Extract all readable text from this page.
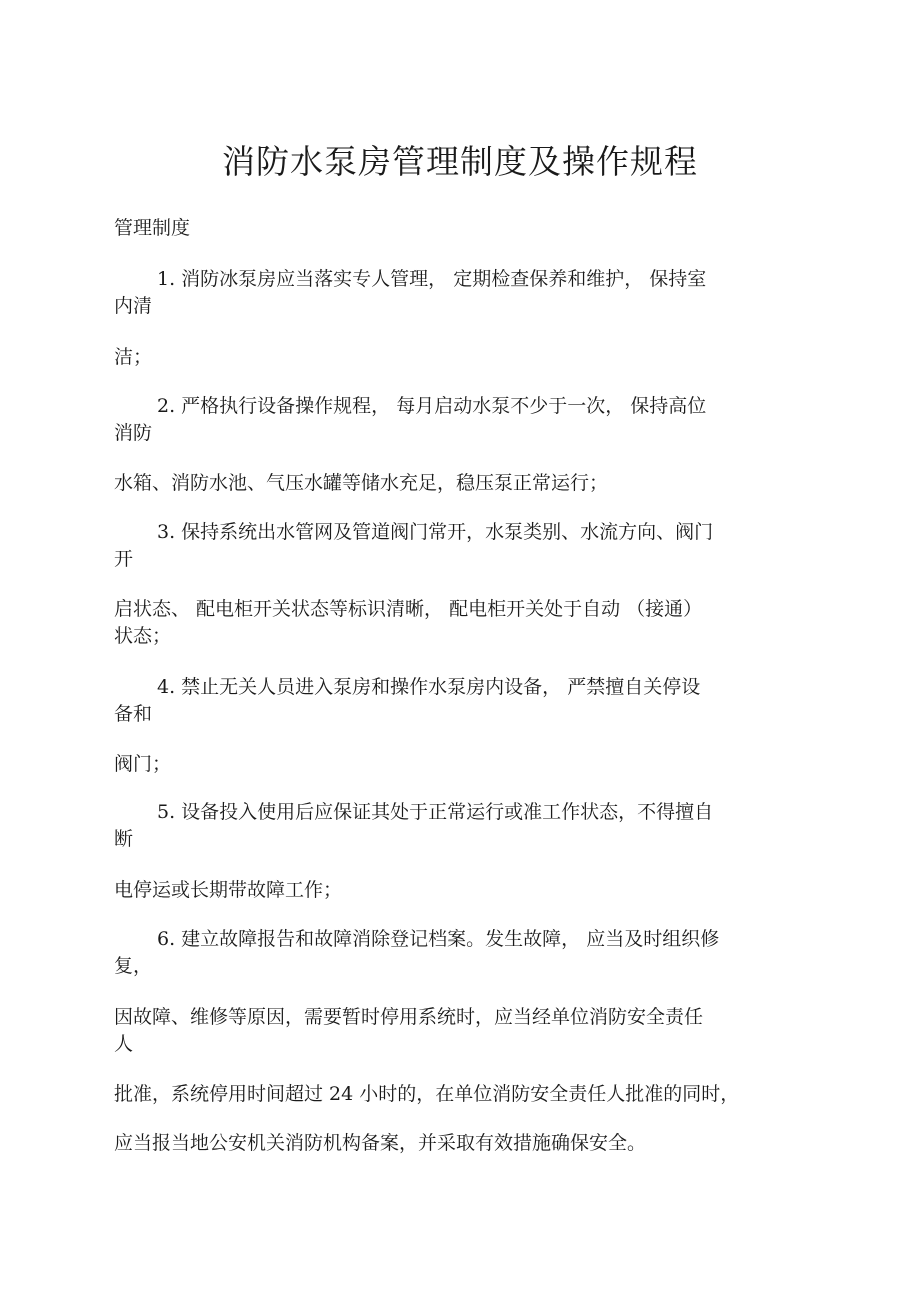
消防水泵房管理制度及操作规程
管理制度
1. 消防冰泵房应当落实专人管理， 定期检查保养和维护， 保持室
内清
洁；
2. 严格执行设备操作规程， 每月启动水泵不少于一次， 保持高位
消防
水箱、消防水池、气压水罐等储水充足，稳压泵正常运行；
3. 保持系统出水管网及管道阀门常开，水泵类别、水流方向、阀门
开
启状态、 配电柜开关状态等标识清晰， 配电柜开关处于自动 （接通）
状态；
4. 禁止无关人员进入泵房和操作水泵房内设备， 严禁擅自关停设
备和
阀门；
5. 设备投入使用后应保证其处于正常运行或准工作状态，不得擅自
断
电停运或长期带故障工作；
6. 建立故障报告和故障消除登记档案。发生故障， 应当及时组织修
复，
因故障、维修等原因，需要暂时停用系统时，应当经单位消防安全责任
人
批准，系统停用时间超过 24 小时的，在单位消防安全责任人批准的同时，
应当报当地公安机关消防机构备案，并采取有效措施确保安全。
